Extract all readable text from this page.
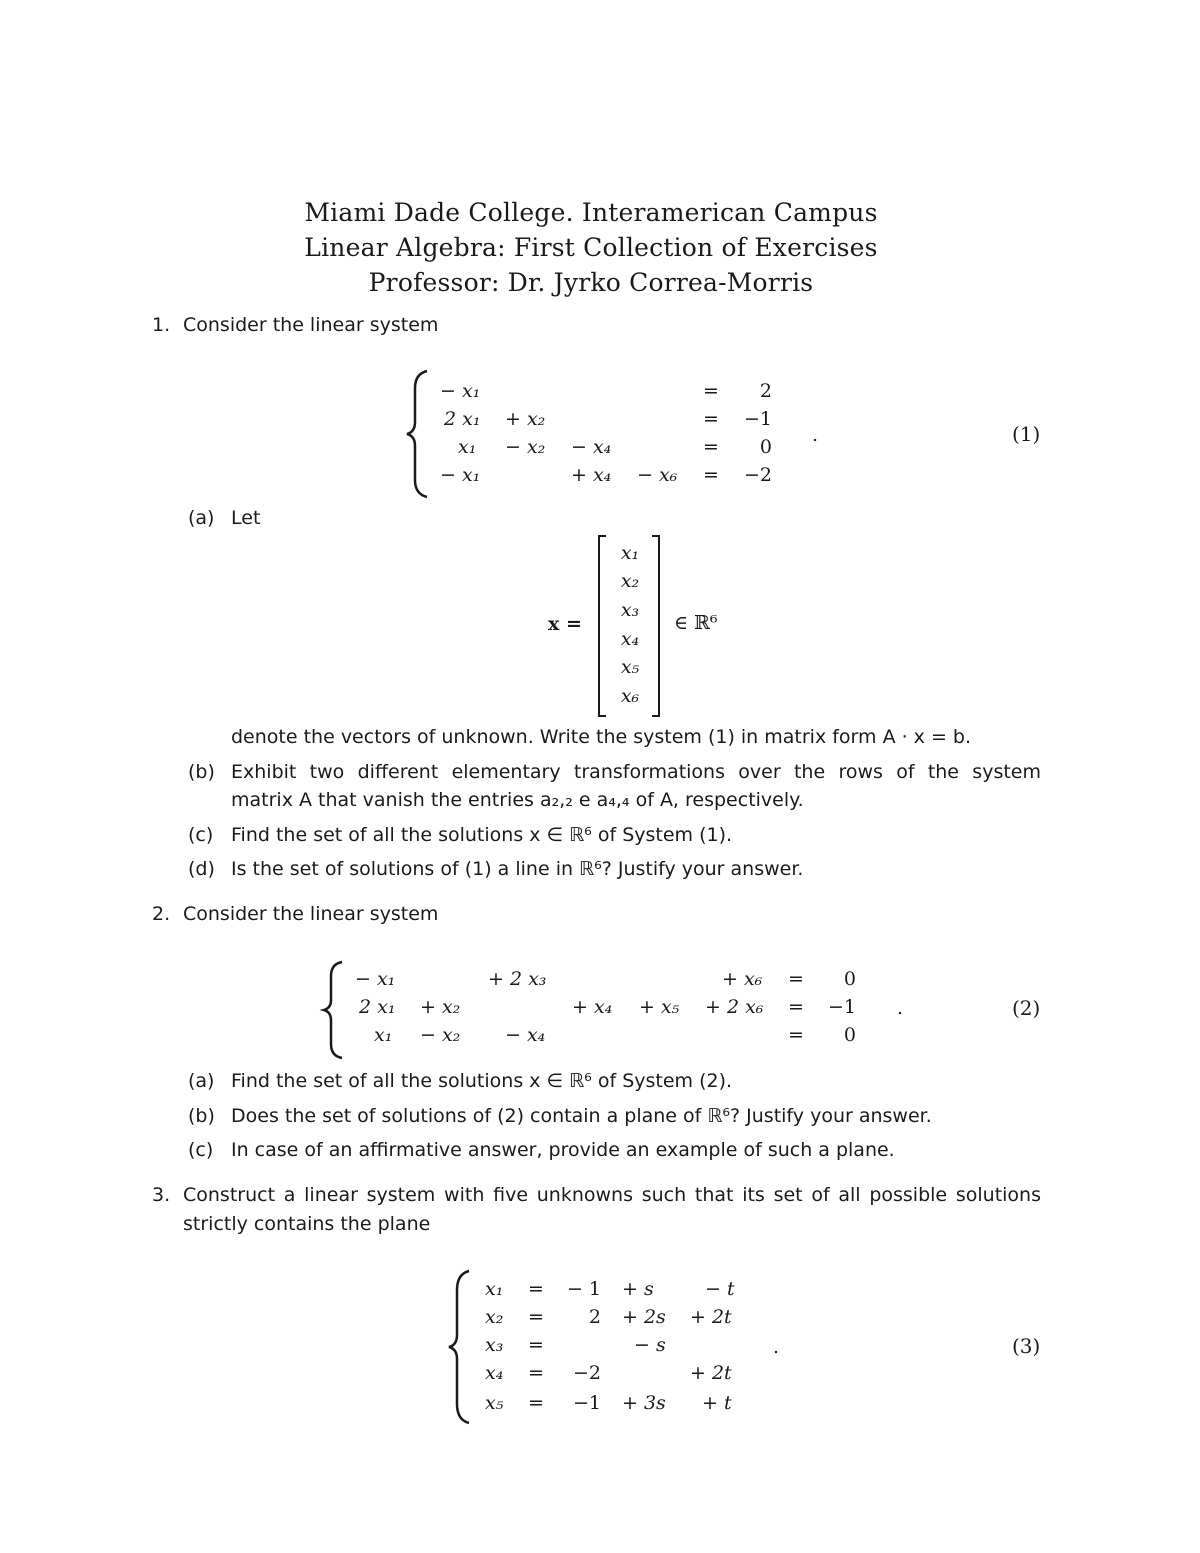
Miami Dade College. Interamerican Campus
Linear Algebra: First Collection of Exercises
Professor: Dr. Jyrko Correa-Morris
1. Consider the linear system
− x₁	= 2
2 x₁ + x₂	= −1
x₁ − x₂ − x₄	= 0
− x₁	+ x₄ − x₆ = −2
.	(1)
(a) Let
x =
x₁
x₂
x₃
x₄
x₅
x₆
∈ ℝ⁶
denote the vectors of unknown. Write the system (1) in matrix form A · x = b.
(b) Exhibit two different elementary transformations over the rows of the system
matrix A that vanish the entries a₂,₂ e a₄,₄ of A, respectively.
(c) Find the set of all the solutions x ∈ ℝ⁶ of System (1).
(d) Is the set of solutions of (1) a line in ℝ⁶? Justify your answer.
2. Consider the linear system
− x₁	+ 2 x₃	+ x₆ = 0
2 x₁ + x₂	+ x₄ + x₅ + 2 x₆ = −1
x₁ − x₂ − x₄	= 0
.	(2)
(a) Find the set of all the solutions x ∈ ℝ⁶ of System (2).
(b) Does the set of solutions of (2) contain a plane of ℝ⁶? Justify your answer.
(c) In case of an affirmative answer, provide an example of such a plane.
3. Construct a linear system with five unknowns such that its set of all possible solutions
strictly contains the plane
x₁ = − 1 + s	− t
x₂ = 2 + 2s + 2t
x₃ =	− s
x₄ = −2	+ 2t
x₅ = −1 + 3s + t
.	(3)
